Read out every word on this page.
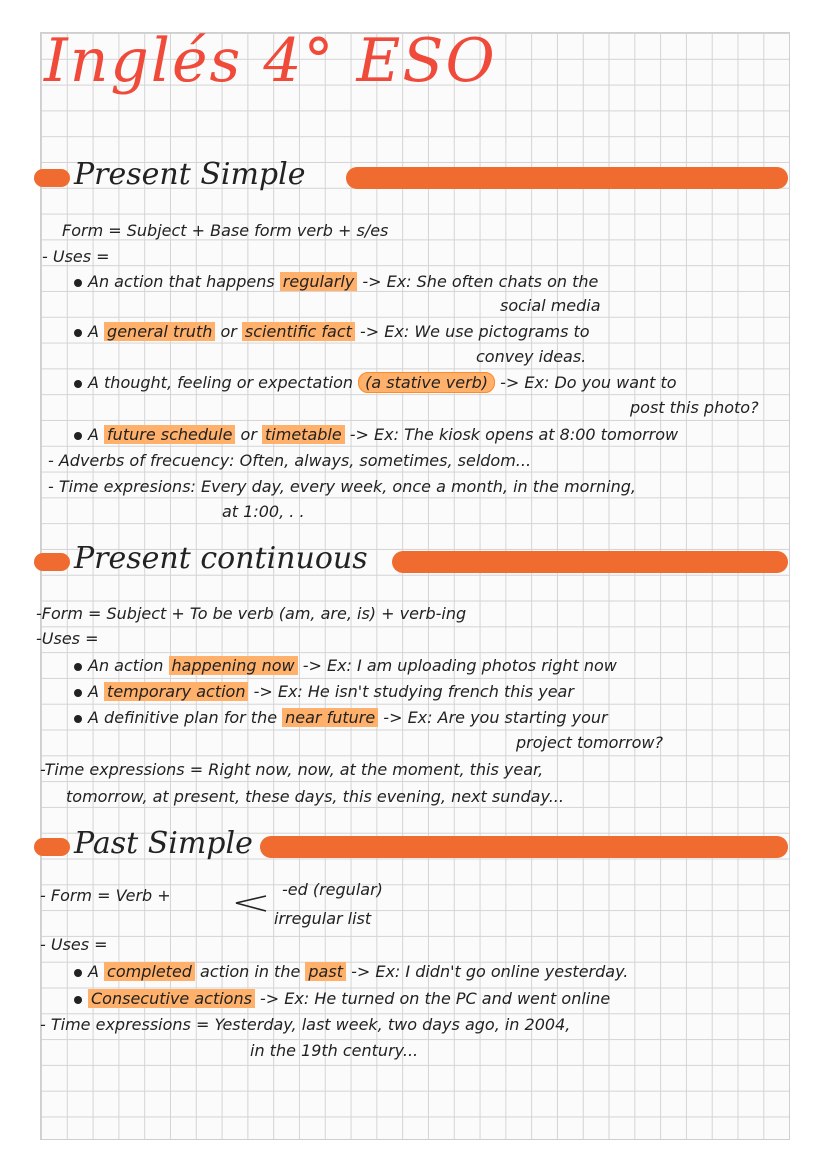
Inglés 4° ESO
Present Simple
Form = Subject + Base form verb + s/es
- Uses =
An action that happens regularly -> Ex: She often chats on the
social media
A general truth or scientific fact -> Ex: We use pictograms to
convey ideas.
A thought, feeling or expectation (a stative verb) -> Ex: Do you want to
post this photo?
A future schedule or timetable -> Ex: The kiosk opens at 8:00 tomorrow
- Adverbs of frecuency: Often, always, sometimes, seldom...
- Time expresions: Every day, every week, once a month, in the morning,
at 1:00, . .
Present continuous
-Form = Subject + To be verb (am, are, is) + verb-ing
-Uses =
An action happening now -> Ex: I am uploading photos right now
A temporary action -> Ex: He isn't studying french this year
A definitive plan for the near future -> Ex: Are you starting your
project tomorrow?
-Time expressions = Right now, now, at the moment, this year,
tomorrow, at present, these days, this evening, next sunday...
Past Simple
- Form = Verb +	-ed (regular)
irregular list
- Uses =
A completed action in the past -> Ex: I didn't go online yesterday.
Consecutive actions -> Ex: He turned on the PC and went online
- Time expressions = Yesterday, last week, two days ago, in 2004,
in the 19th century...
